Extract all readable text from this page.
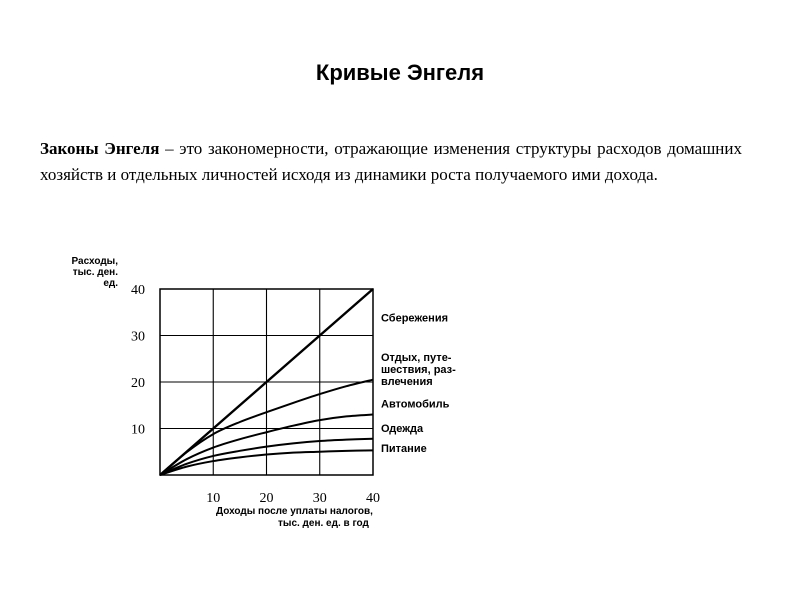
Кривые Энгеля
Законы Энгеля – это закономерности, отражающие изменения структуры расходов домашних хозяйств и отдельных личностей исходя из динамики роста получаемого ими дохода.
10	20	30	40
10
20
30
40
Расходы,
тыс. ден.
ед.
Доходы после уплаты налогов,
тыс. ден. ед. в год
Сбережения
Отдых, путе-
шествия, раз-
влечения
Автомобиль
Одежда
Питание
